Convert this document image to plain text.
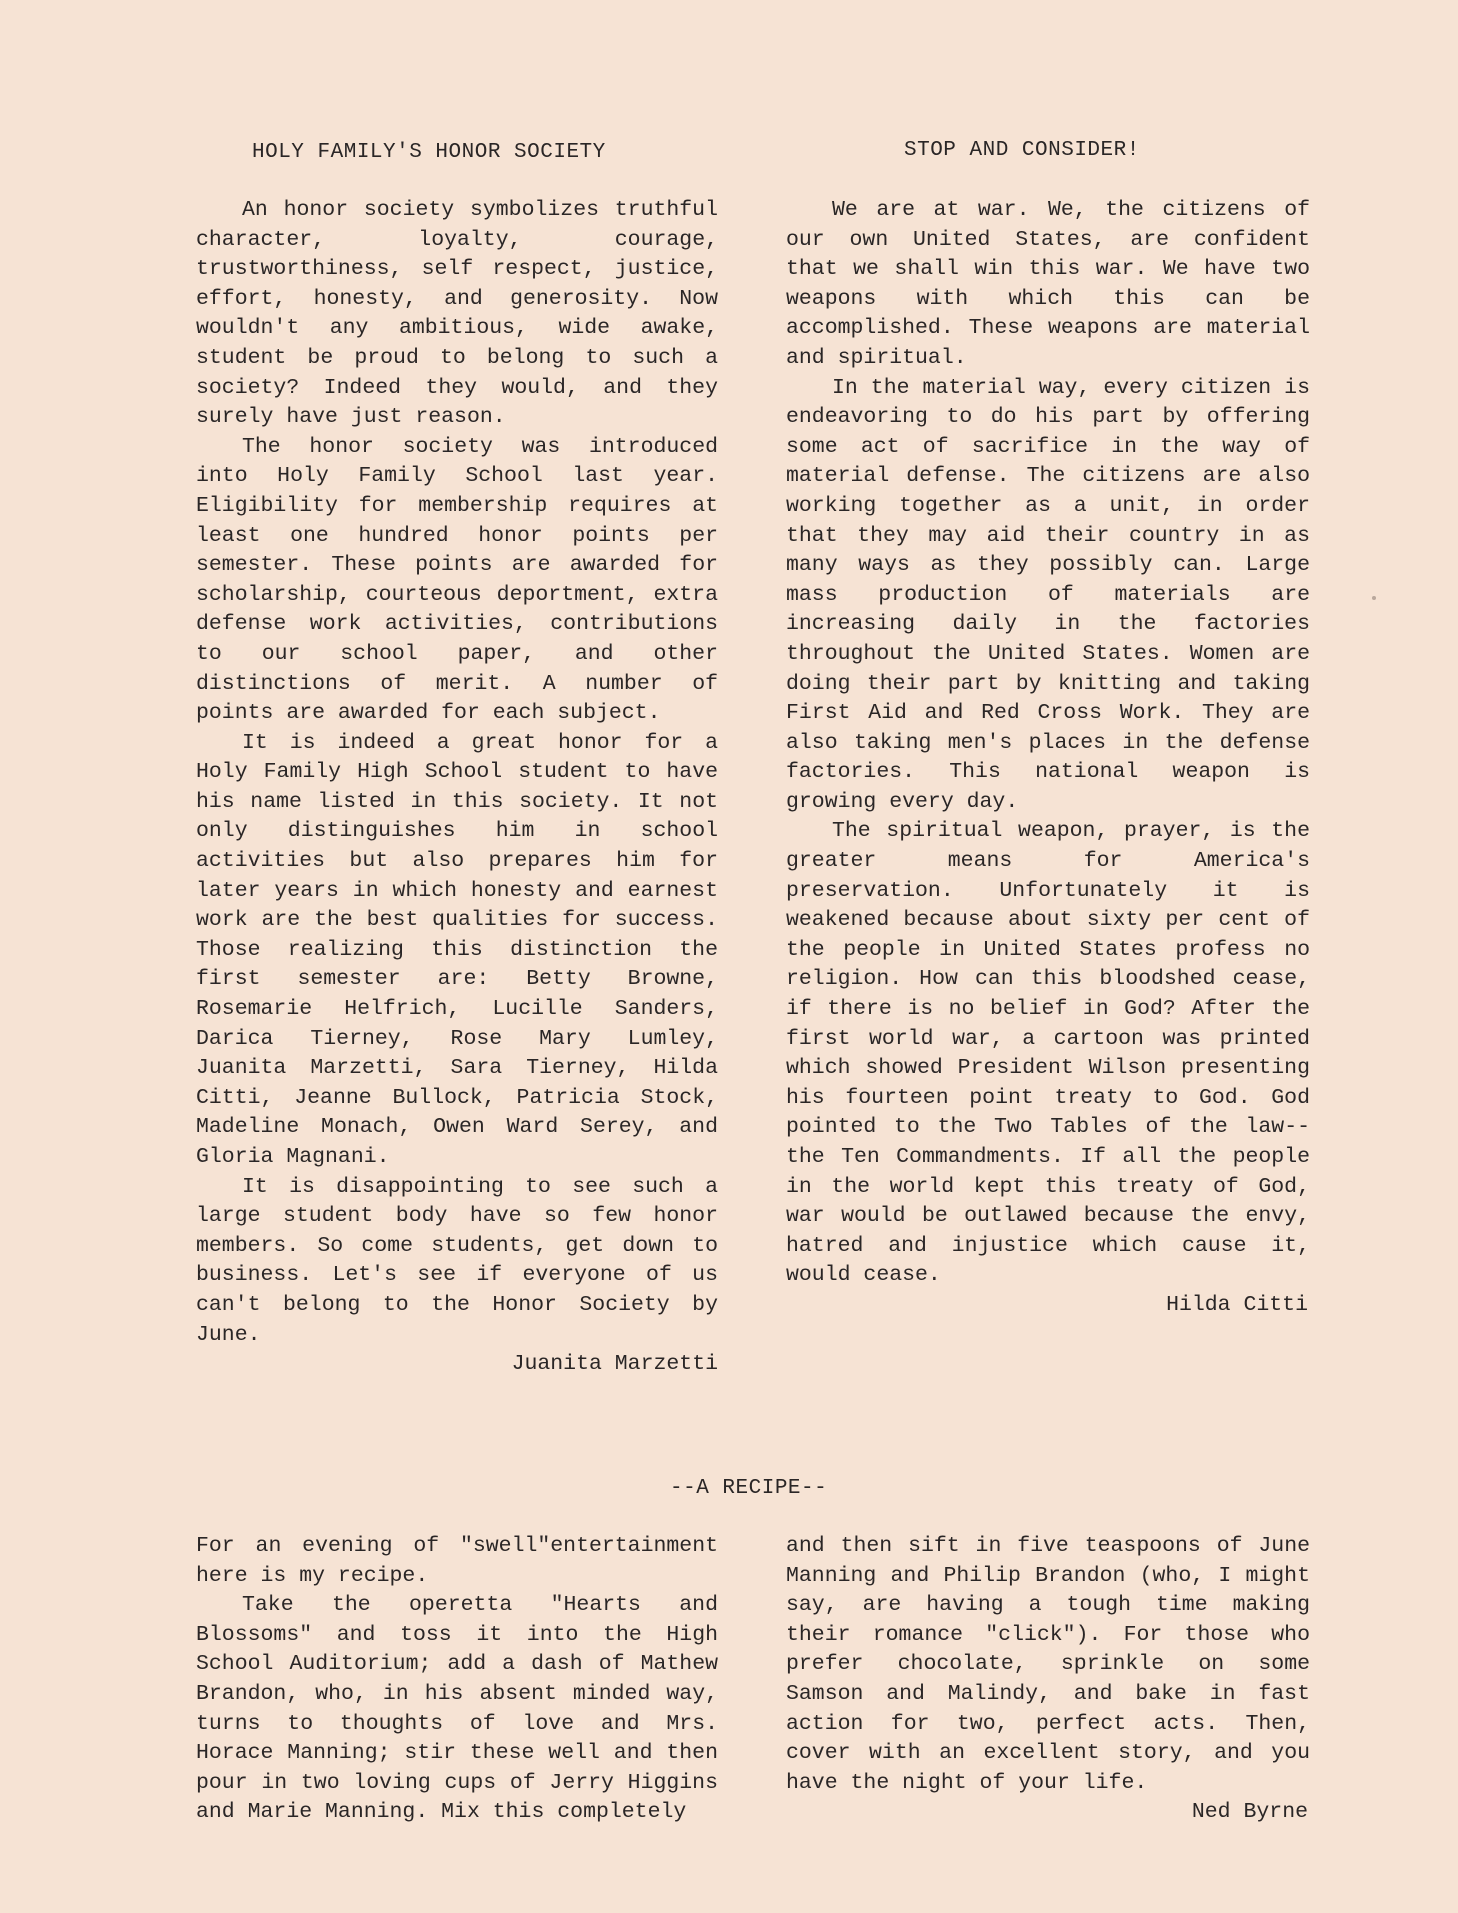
HOLY FAMILY'S HONOR SOCIETY

An honor society symbolizes truthful character, loyalty, courage, trustworthiness, self respect, justice, effort, honesty, and generosity. Now wouldn't any ambitious, wide awake, student be proud to belong to such a society? Indeed they would, and they surely have just reason.

The honor society was introduced into Holy Family School last year. Eligibility for membership requires at least one hundred honor points per semester. These points are awarded for scholarship, courteous deportment, extra defense work activities, contributions to our school paper, and other distinctions of merit. A number of points are awarded for each subject.

It is indeed a great honor for a Holy Family High School student to have his name listed in this society. It not only distinguishes him in school activities but also prepares him for later years in which honesty and earnest work are the best qualities for success. Those realizing this distinction the first semester are: Betty Browne, Rosemarie Helfrich, Lucille Sanders, Darica Tierney, Rose Mary Lumley, Juanita Marzetti, Sara Tierney, Hilda Citti, Jeanne Bullock, Patricia Stock, Madeline Monach, Owen Ward Serey, and Gloria Magnani.

It is disappointing to see such a large student body have so few honor members. So come students, get down to business. Let's see if everyone of us can't belong to the Honor Society by June.

Juanita Marzetti

STOP AND CONSIDER!

We are at war. We, the citizens of our own United States, are confident that we shall win this war. We have two weapons with which this can be accomplished. These weapons are material and spiritual.

In the material way, every citizen is endeavoring to do his part by offering some act of sacrifice in the way of material defense. The citizens are also working together as a unit, in order that they may aid their country in as many ways as they possibly can. Large mass production of materials are increasing daily in the factories throughout the United States. Women are doing their part by knitting and taking First Aid and Red Cross Work. They are also taking men's places in the defense factories. This national weapon is growing every day.

The spiritual weapon, prayer, is the greater means for America's preservation. Unfortunately it is weakened because about sixty per cent of the people in United States profess no religion. How can this bloodshed cease, if there is no belief in God? After the first world war, a cartoon was printed which showed President Wilson presenting his fourteen point treaty to God. God pointed to the Two Tables of the law--the Ten Commandments. If all the people in the world kept this treaty of God, war would be outlawed because the envy, hatred and injustice which cause it, would cease.

Hilda Citti

--A RECIPE--

For an evening of "swell"entertainment here is my recipe.

Take the operetta "Hearts and Blossoms" and toss it into the High School Auditorium; add a dash of Mathew Brandon, who, in his absent minded way, turns to thoughts of love and Mrs. Horace Manning; stir these well and then pour in two loving cups of Jerry Higgins and Marie Manning. Mix this completely

and then sift in five teaspoons of June Manning and Philip Brandon (who, I might say, are having a tough time making their romance "click"). For those who prefer chocolate, sprinkle on some Samson and Malindy, and bake in fast action for two, perfect acts. Then, cover with an excellent story, and you have the night of your life.

Ned Byrne
